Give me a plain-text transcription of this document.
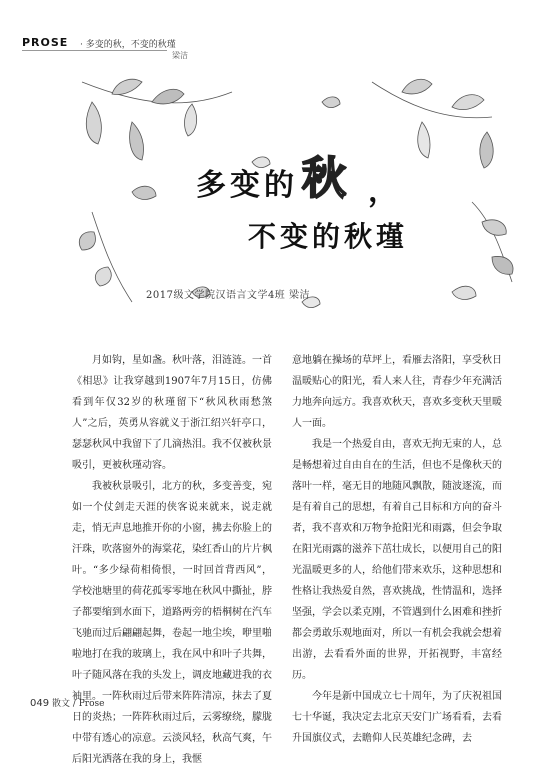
PROSE · 多变的秋，不变的秋瑾
梁洁
多变的 秋 ，
不变的秋瑾
2017级文学院汉语言文学4班 梁洁

月如钩，星如盏。秋叶落，泪涟涟。一首《相思》让我穿越到1907年7月15日，仿佛看到年仅32岁的秋瑾留下“秋风秋雨愁煞人”之后，英勇从容就义于浙江绍兴轩亭口，瑟瑟秋风中我留下了几滴热泪。我不仅被秋景吸引，更被秋瑾动容。

我被秋景吸引，北方的秋，多变善变，宛如一个仗剑走天涯的侠客说来就来，说走就走，悄无声息地推开你的小窗，拂去你脸上的汗珠，吹落窗外的海棠花，染红香山的片片枫叶。“多少绿荷相倚恨，一时回首背西风”，学校池塘里的荷花孤零零地在秋风中撕扯，脖子都要缩到水面下，道路两旁的梧桐树在汽车飞驰而过后翩翩起舞，卷起一地尘埃，咿里啪啦地打在我的玻璃上，我在风中和叶子共舞，叶子随风落在我的头发上，调皮地藏进我的衣袖里。一阵秋雨过后带来阵阵清凉，抹去了夏日的炎热；一阵阵秋雨过后，云雾缭绕，朦胧中带有透心的凉意。云淡风轻，秋高气爽，午后阳光洒落在我的身上，我惬

意地躺在操场的草坪上，看雁去洛阳，享受秋日温暖贴心的阳光，看人来人往，青春少年充满活力地奔向远方。我喜欢秋天，喜欢多变秋天里暖人一面。

我是一个热爱自由，喜欢无拘无束的人，总是畅想着过自由自在的生活，但也不是像秋天的落叶一样，毫无目的地随风飘散，随波逐流，而是有着自己的思想，有着自己目标和方向的奋斗者，我不喜欢和万物争抢阳光和雨露，但会争取在阳光雨露的滋养下茁壮成长，以便用自己的阳光温暖更多的人，给他们带来欢乐，这种思想和性格让我热爱自然，喜欢挑战，性情温和，选择坚强，学会以柔克刚，不管遇到什么困难和挫折都会勇敢乐观地面对，所以一有机会我就会想着出游，去看看外面的世界，开拓视野，丰富经历。

今年是新中国成立七十周年，为了庆祝祖国七十华诞，我决定去北京天安门广场看看，去看升国旗仪式，去瞻仰人民英雄纪念碑，去

049 散文 / Prose
